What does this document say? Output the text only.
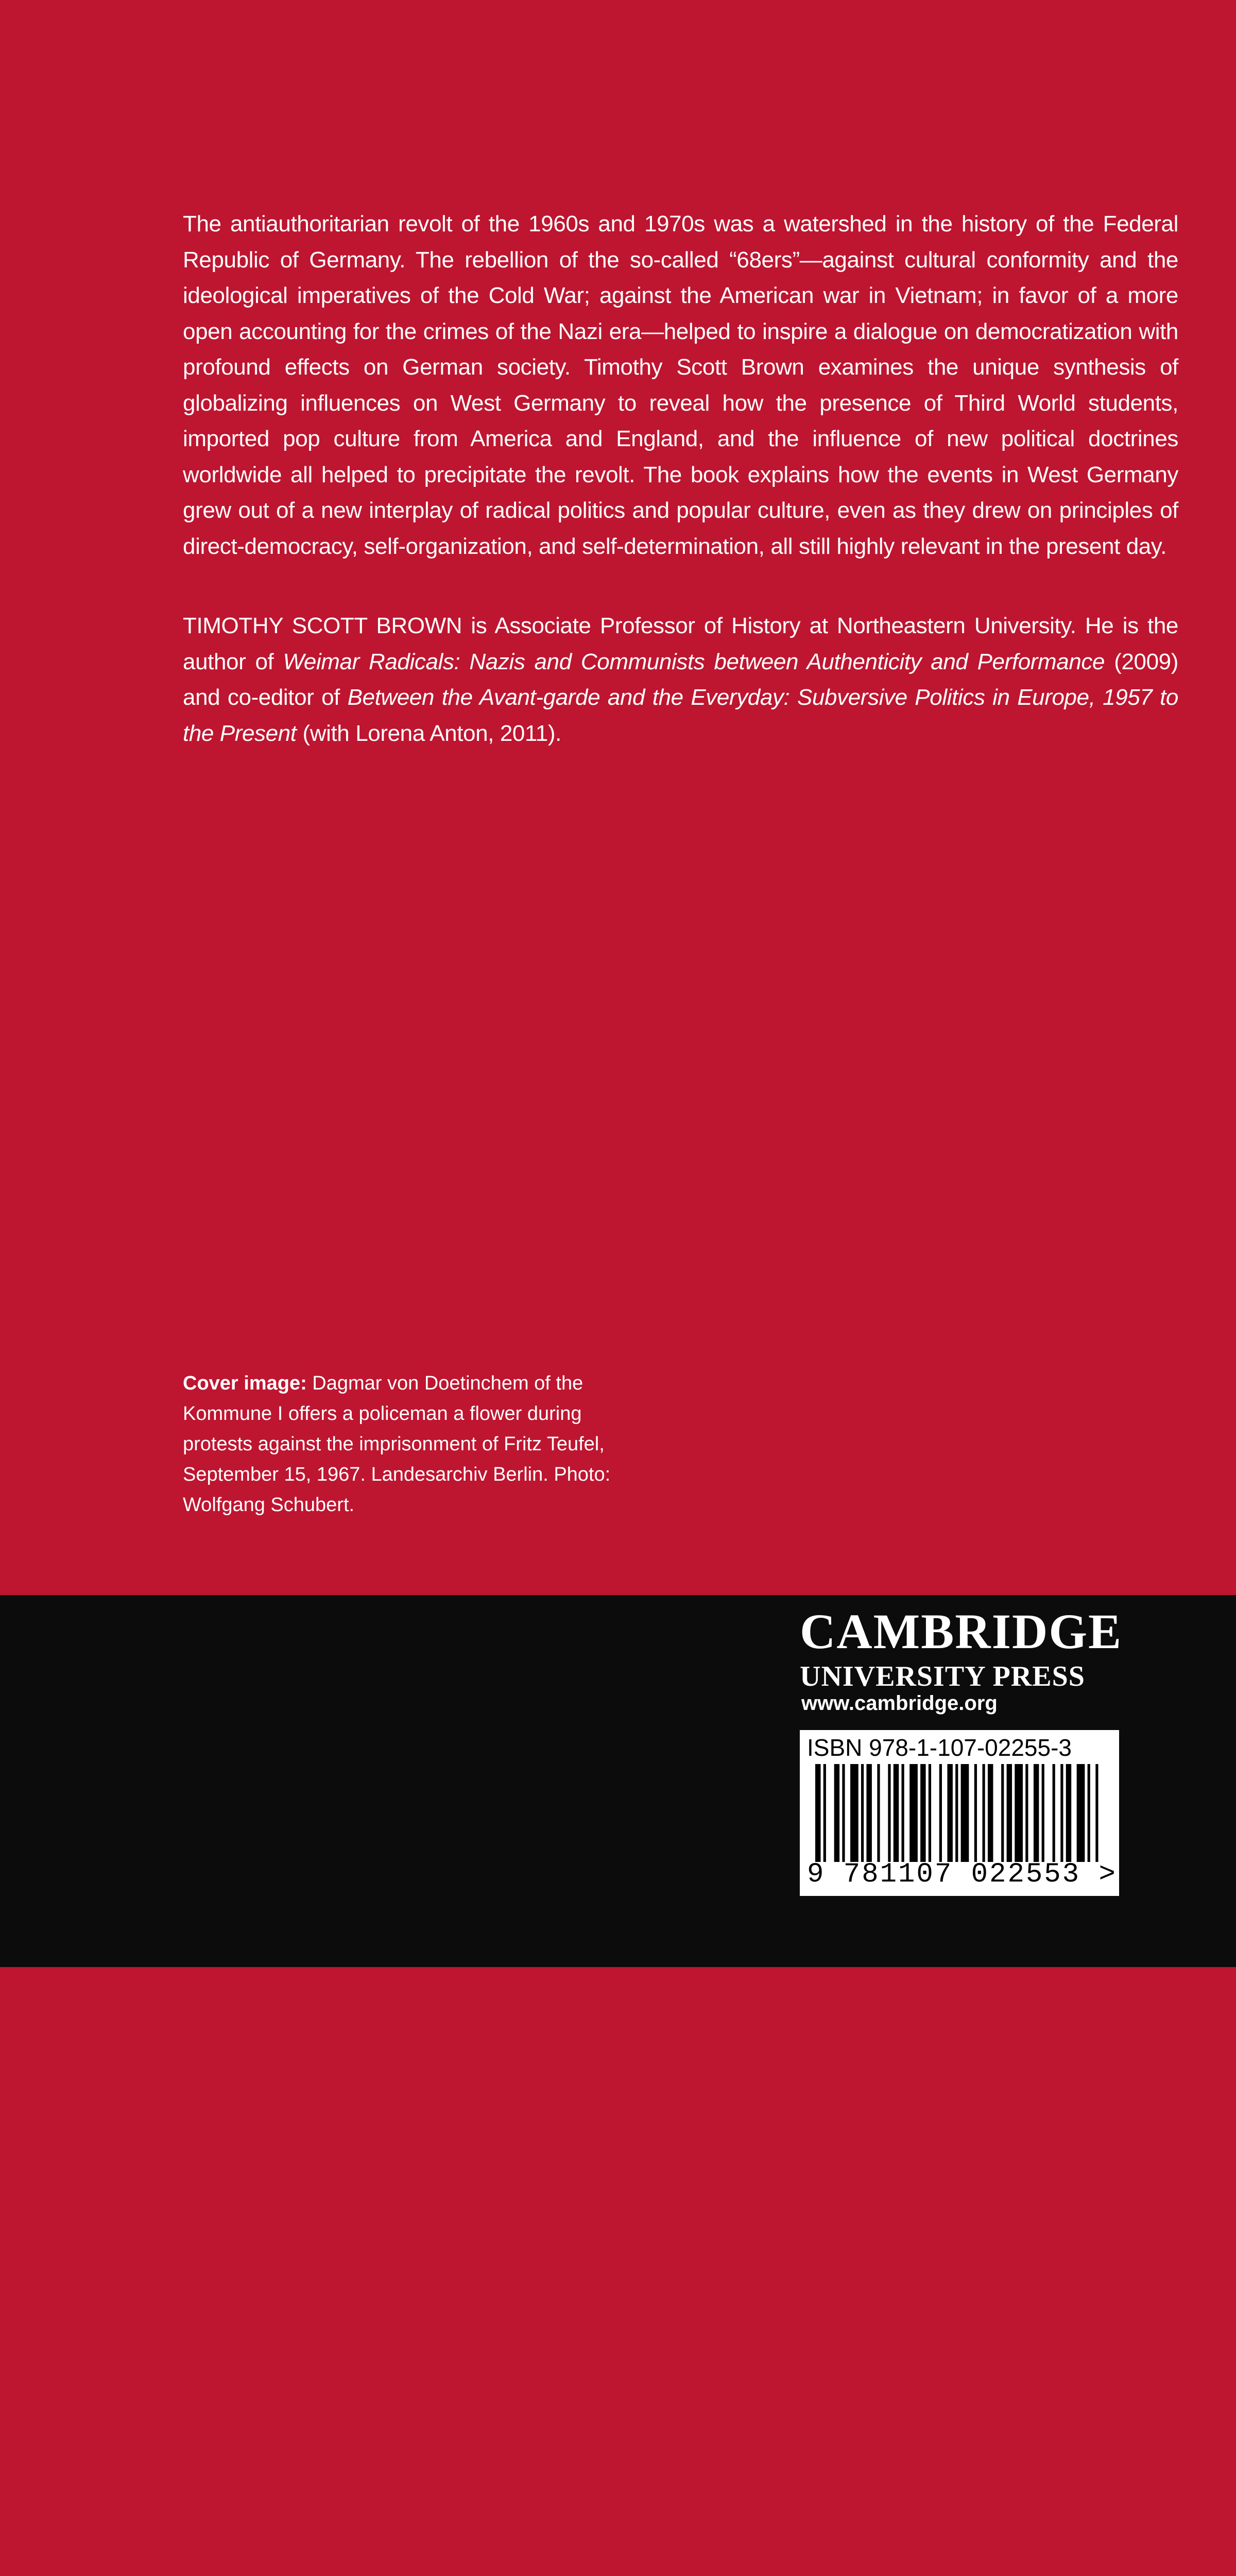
The antiauthoritarian revolt of the 1960s and 1970s was a watershed in the history of the Federal Republic of Germany. The rebellion of the so-called “68ers”—against cultural conformity and the ideological imperatives of the Cold War; against the American war in Vietnam; in favor of a more open accounting for the crimes of the Nazi era—helped to inspire a dialogue on democratization with profound effects on German society. Timothy Scott Brown examines the unique synthesis of globalizing influences on West Germany to reveal how the presence of Third World students, imported pop culture from America and England, and the influence of new political doctrines worldwide all helped to precipitate the revolt. The book explains how the events in West Germany grew out of a new interplay of radical politics and popular culture, even as they drew on principles of direct-democracy, self-organization, and self-determination, all still highly relevant in the present day.

TIMOTHY SCOTT BROWN is Associate Professor of History at Northeastern University. He is the author of Weimar Radicals: Nazis and Communists between Authenticity and Performance (2009) and co-editor of Between the Avant-garde and the Everyday: Subversive Politics in Europe, 1957 to the Present (with Lorena Anton, 2011).

Cover image: Dagmar von Doetinchem of the Kommune I offers a policeman a flower during protests against the imprisonment of Fritz Teufel, September 15, 1967. Landesarchiv Berlin. Photo: Wolfgang Schubert.

CAMBRIDGE
UNIVERSITY PRESS
www.cambridge.org
ISBN 978-1-107-02255-3
9 781107 022553 >
